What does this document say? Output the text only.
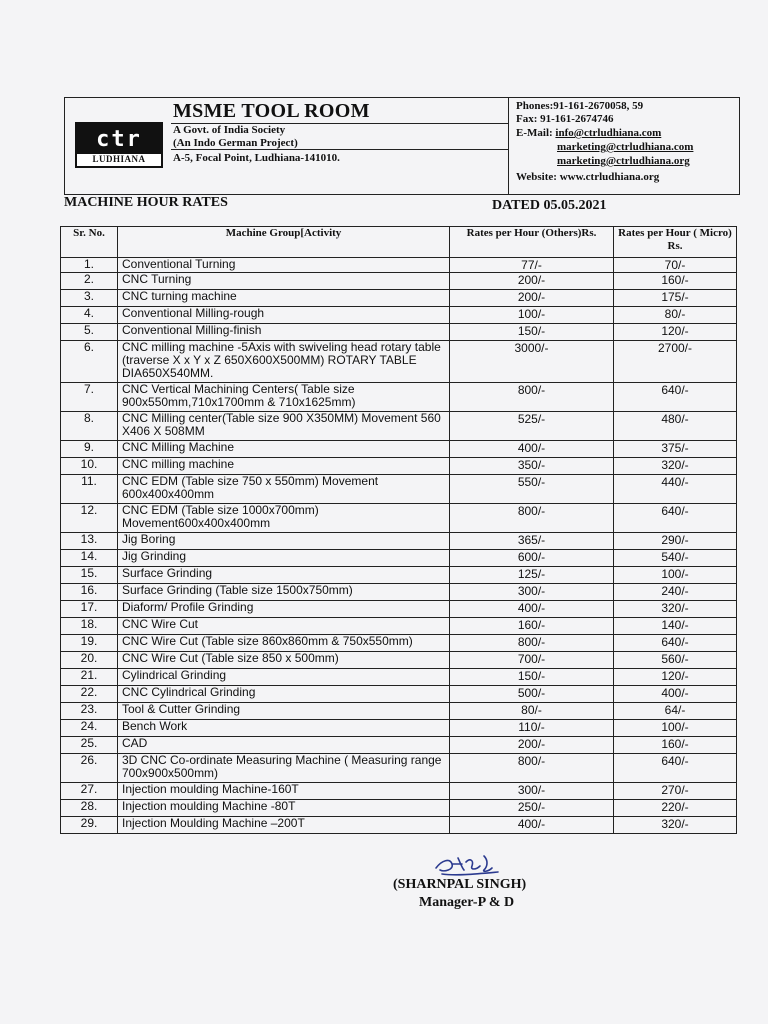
ctr
LUDHIANA
MSME TOOL ROOM
A Govt. of India Society
(An Indo German Project)
A-5, Focal Point, Ludhiana-141010.
Phones:91-161-2670058, 59
Fax: 91-161-2674746
E-Mail: info@ctrludhiana.com
marketing@ctrludhiana.com
marketing@ctrludhiana.org
Website: www.ctrludhiana.org
MACHINE HOUR RATES	DATED 05.05.2021
Sr. No.	Machine Group[Activity	Rates per Hour (Others)Rs.	Rates per Hour ( Micro) Rs.
1.	Conventional Turning	77/-	70/-
2.	CNC Turning	200/-	160/-
3.	CNC turning machine	200/-	175/-
4.	Conventional Milling-rough	100/-	80/-
5.	Conventional Milling-finish	150/-	120/-
6.	CNC milling machine -5Axis with swiveling head rotary table (traverse X x Y x Z 650X600X500MM) ROTARY TABLE DIA650X540MM.	3000/-	2700/-
7.	CNC Vertical Machining Centers( Table size 900x550mm,710x1700mm & 710x1625mm)	800/-	640/-
8.	CNC Milling center(Table size 900 X350MM) Movement 560 X406 X 508MM	525/-	480/-
9.	CNC Milling Machine	400/-	375/-
10.	CNC milling machine	350/-	320/-
11.	CNC EDM (Table size 750 x 550mm) Movement 600x400x400mm	550/-	440/-
12.	CNC EDM (Table size 1000x700mm) Movement600x400x400mm	800/-	640/-
13.	Jig Boring	365/-	290/-
14.	Jig Grinding	600/-	540/-
15.	Surface Grinding	125/-	100/-
16.	Surface Grinding (Table size 1500x750mm)	300/-	240/-
17.	Diaform/ Profile Grinding	400/-	320/-
18.	CNC Wire Cut	160/-	140/-
19.	CNC Wire Cut (Table size 860x860mm & 750x550mm)	800/-	640/-
20.	CNC Wire Cut (Table size 850 x 500mm)	700/-	560/-
21.	Cylindrical Grinding	150/-	120/-
22.	CNC Cylindrical Grinding	500/-	400/-
23.	Tool & Cutter Grinding	80/-	64/-
24.	Bench Work	110/-	100/-
25.	CAD	200/-	160/-
26.	3D CNC Co-ordinate Measuring Machine ( Measuring range 700x900x500mm)	800/-	640/-
27.	Injection moulding Machine-160T	300/-	270/-
28.	Injection moulding Machine -80T	250/-	220/-
29.	Injection Moulding Machine –200T	400/-	320/-
(SHARNPAL SINGH)
Manager-P & D
